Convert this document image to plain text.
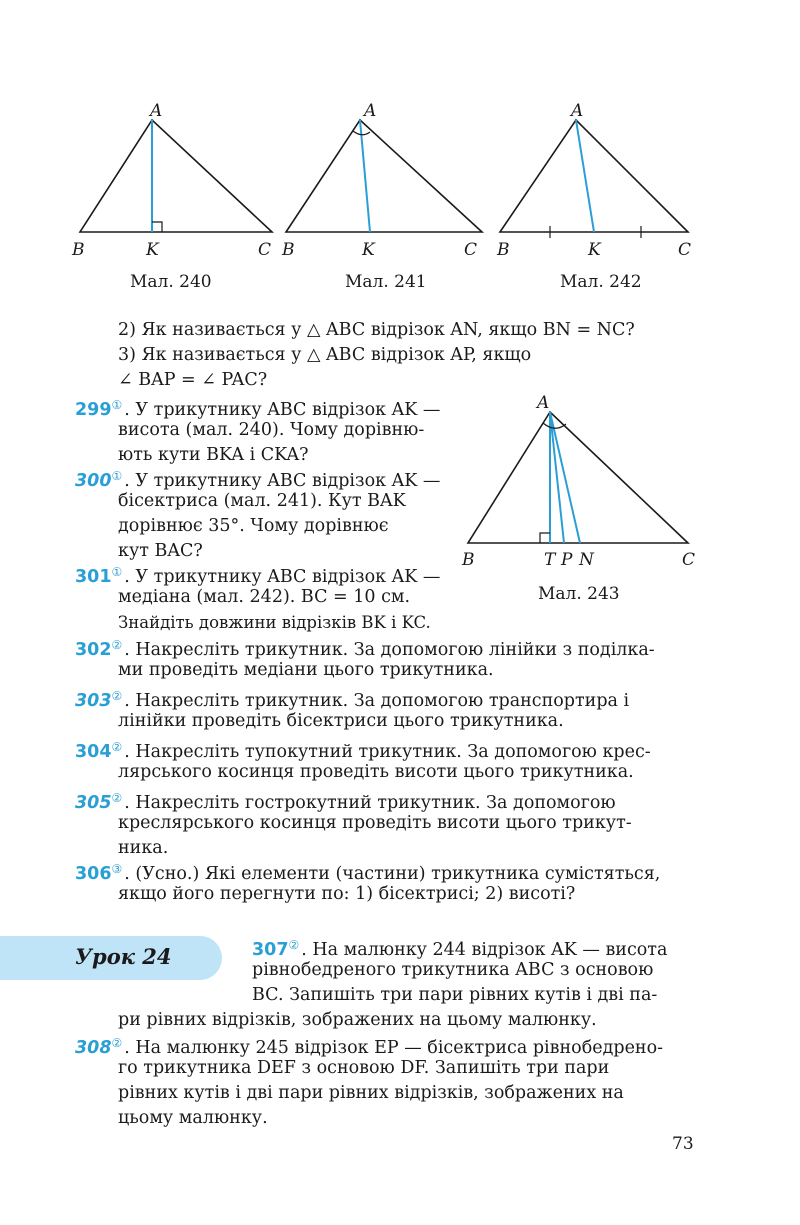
A
B	K	C
Мал. 240
A
B	K	C
Мал. 241
A
B	K	C
Мал. 242
2) Як називається у △ ABC відрізок AN, якщо BN = NC?
3) Як називається у △ ABC відрізок AP, якщо
∠ BAP = ∠ PAC?
A
B	T P N	C
Мал. 243
299① . У трикутнику ABC відрізок AK —
висота (мал. 240). Чому дорівню-
ють кути BKA і CKA?
300① . У трикутнику ABC відрізок AK —
бісектриса (мал. 241). Кут BAK
дорівнює 35°. Чому дорівнює
кут BAC?
301① . У трикутнику ABC відрізок AK —
медіана (мал. 242). BC = 10 см.
Знайдіть довжини відрізків BK і KC.
302② . Накресліть трикутник. За допомогою лінійки з поділка-
ми проведіть медіани цього трикутника.
303② . Накресліть трикутник. За допомогою транспортира і
лінійки проведіть бісектриси цього трикутника.
304② . Накресліть тупокутний трикутник. За допомогою крес-
лярського косинця проведіть висоти цього трикутника.
305② . Накресліть гострокутний трикутник. За допомогою
креслярського косинця проведіть висоти цього трикут-
ника.
306③ . (Усно.) Які елементи (частини) трикутника сумістяться,
якщо його перегнути по: 1) бісектрисі; 2) висоті?
Урок 24	307② . На малюнку 244 відрізок AK — висота
рівнобедреного трикутника ABC з основою
BC. Запишіть три пари рівних кутів і дві па-
ри рівних відрізків, зображених на цьому малюнку.
308② . На малюнку 245 відрізок EP — бісектриса рівнобедрено-
го трикутника DEF з основою DF. Запишіть три пари
рівних кутів і дві пари рівних відрізків, зображених на
цьому малюнку.
73
